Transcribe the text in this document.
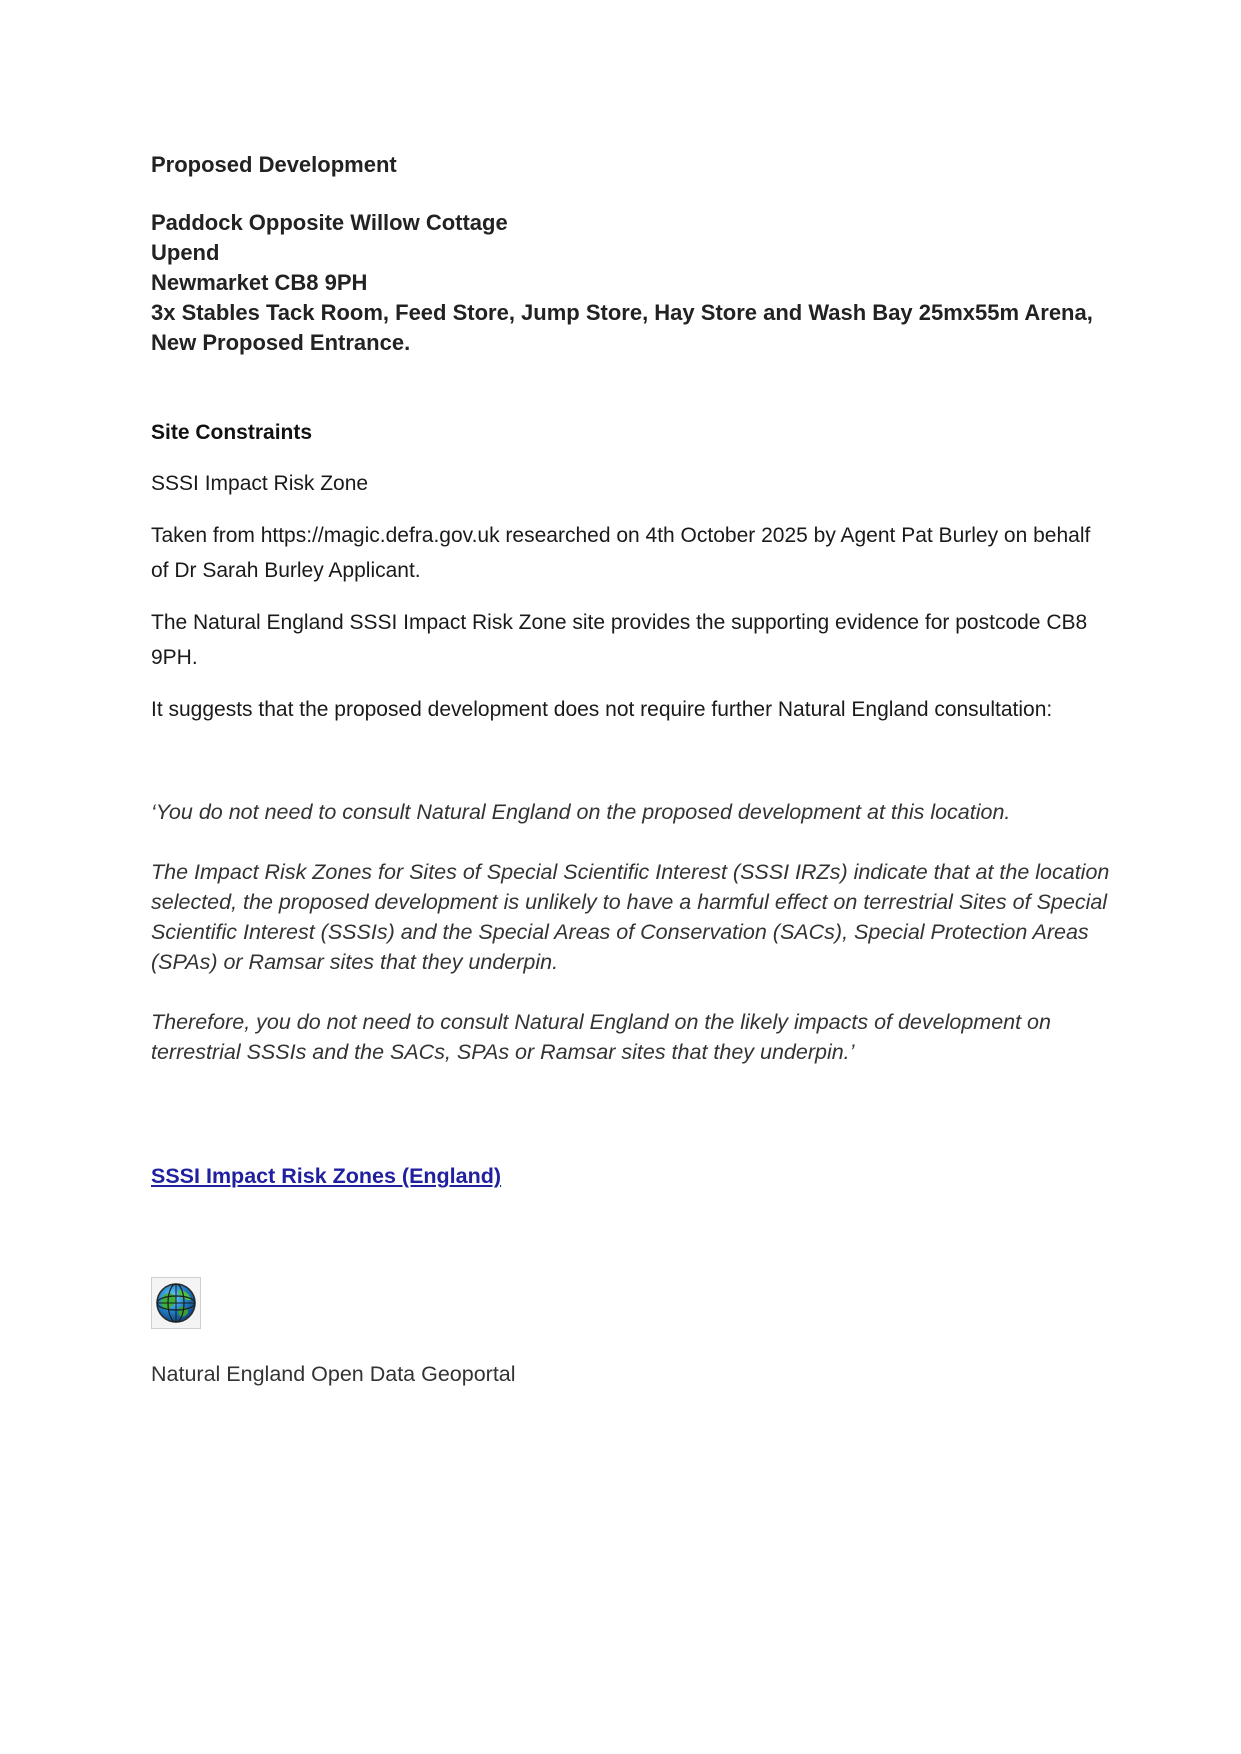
Proposed Development
Paddock Opposite Willow Cottage
Upend
Newmarket CB8 9PH
3x Stables Tack Room, Feed Store, Jump Store, Hay Store and Wash Bay 25mx55m Arena, New Proposed Entrance.
Site Constraints

SSSI Impact Risk Zone

Taken from https://magic.defra.gov.uk researched on 4th October 2025 by Agent Pat Burley on behalf of Dr Sarah Burley Applicant.

The Natural England SSSI Impact Risk Zone site provides the supporting evidence for postcode CB8 9PH.

It suggests that the proposed development does not require further Natural England consultation:

‘You do not need to consult Natural England on the proposed development at this location.

The Impact Risk Zones for Sites of Special Scientific Interest (SSSI IRZs) indicate that at the location selected, the proposed development is unlikely to have a harmful effect on terrestrial Sites of Special Scientific Interest (SSSIs) and the Special Areas of Conservation (SACs), Special Protection Areas (SPAs) or Ramsar sites that they underpin.

Therefore, you do not need to consult Natural England on the likely impacts of development on terrestrial SSSIs and the SACs, SPAs or Ramsar sites that they underpin.’

SSSI Impact Risk Zones (England)
Natural England Open Data Geoportal
